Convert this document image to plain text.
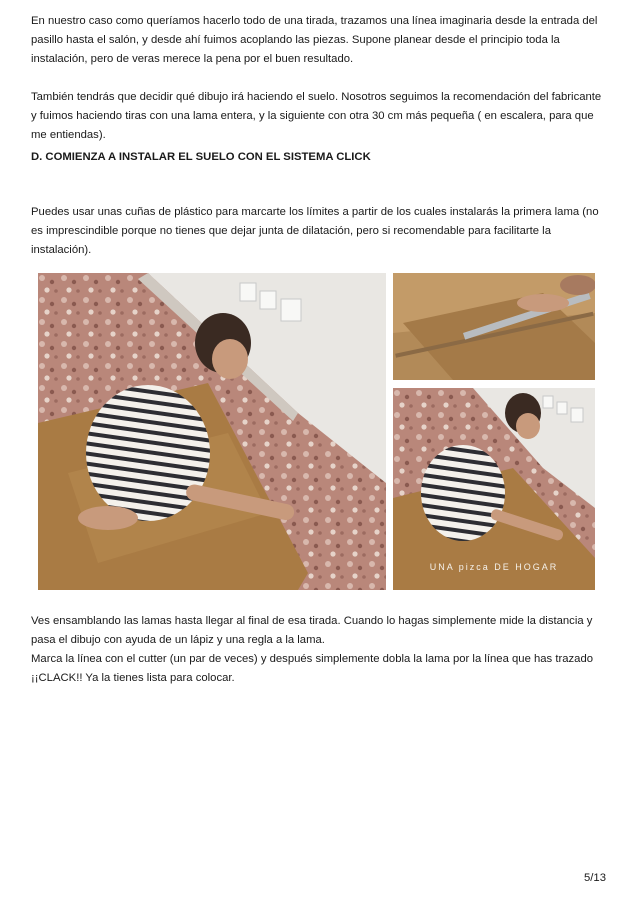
En nuestro caso como queríamos hacerlo todo de una tirada, trazamos una línea imaginaria desde la entrada del pasillo hasta el salón, y desde ahí fuimos acoplando las piezas. Supone planear desde el principio toda la instalación, pero de veras merece la pena por el buen resultado.

También tendrás que decidir qué dibujo irá haciendo el suelo. Nosotros seguimos la recomendación del fabricante y fuimos haciendo tiras con una lama entera, y la siguiente con otra 30 cm más pequeña ( en escalera, para que me entiendas).

D. COMIENZA A INSTALAR EL SUELO CON EL SISTEMA CLICK

Puedes usar unas cuñas de plástico para marcarte los límites a partir de los cuales instalarás la primera lama (no es imprescindible porque no tienes que dejar junta de dilatación, pero si recomendable para facilitarte la instalación).

UNA pizca DE HOGAR

Ves ensamblando las lamas hasta llegar al final de esa tirada. Cuando lo hagas simplemente mide la distancia y pasa el dibujo con ayuda de un lápiz y una regla a la lama.

Marca la línea con el cutter (un par de veces) y después simplemente dobla la lama por la línea que has trazado ¡¡CLACK!! Ya la tienes lista para colocar.

5/13
